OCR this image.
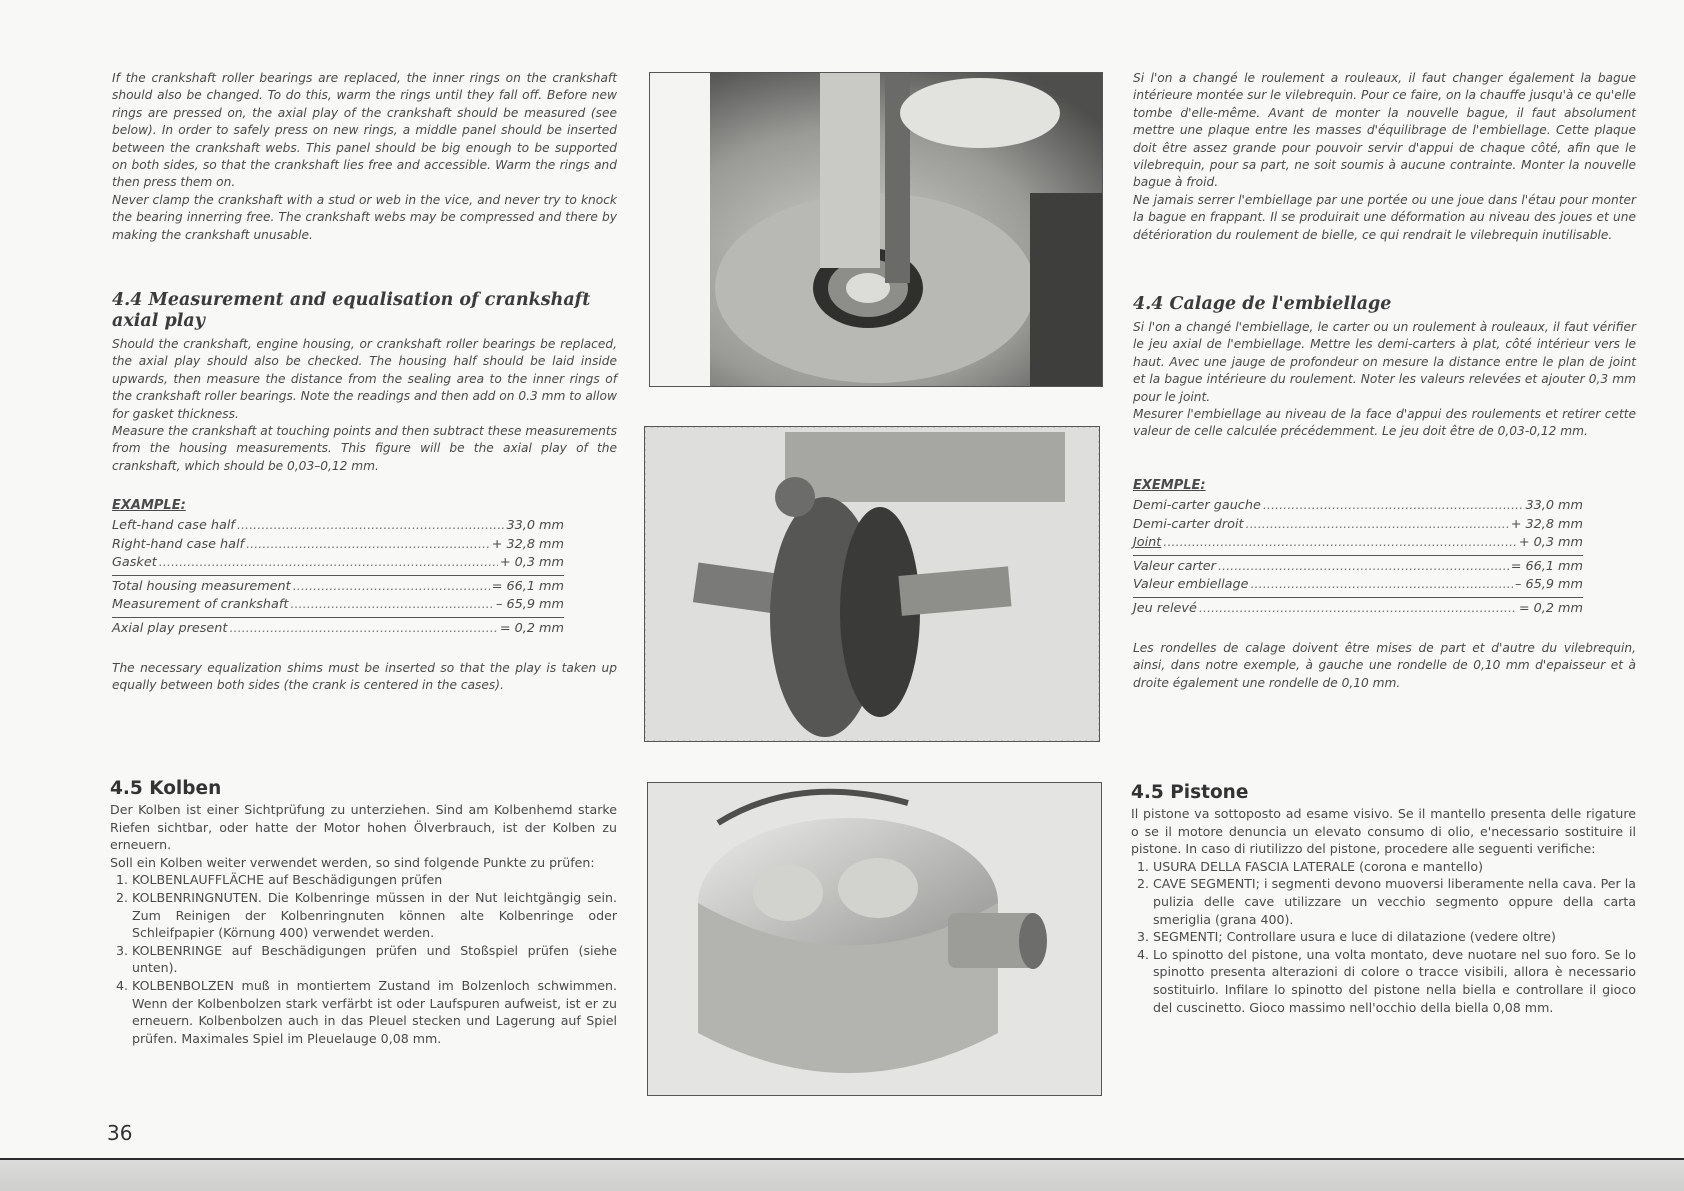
If the crankshaft roller bearings are replaced, the inner rings on the crankshaft should also be changed. To do this, warm the rings until they fall off. Before new rings are pressed on, the axial play of the crankshaft should be measured (see below). In order to safely press on new rings, a middle panel should be inserted between the crankshaft webs. This panel should be big enough to be supported on both sides, so that the crankshaft lies free and accessible. Warm the rings and then press them on.

Never clamp the crankshaft with a stud or web in the vice, and never try to knock the bearing innerring free. The crankshaft webs may be compressed and there by making the crankshaft unusable.

4.4 Measurement and equalisation of crankshaft axial play

Should the crankshaft, engine housing, or crankshaft roller bearings be replaced, the axial play should also be checked. The housing half should be laid inside upwards, then measure the distance from the sealing area to the inner rings of the crankshaft roller bearings. Note the readings and then add on 0.3 mm to allow for gasket thickness.

Measure the crankshaft at touching points and then subtract these measurements from the housing measurements. This figure will be the axial play of the crankshaft, which should be 0,03–0,12 mm.

EXAMPLE:
Left-hand case half .....	33,0 mm
Right-hand case half .....	+ 32,8 mm
Gasket .....	+ 0,3 mm
Total housing measurement .....	= 66,1 mm
Measurement of crankshaft .....	– 65,9 mm
Axial play present .....	= 0,2 mm

The necessary equalization shims must be inserted so that the play is taken up equally between both sides (the crank is centered in the cases).

Si l'on a changé le roulement a rouleaux, il faut changer également la bague intérieure montée sur le vilebrequin. Pour ce faire, on la chauffe jusqu'à ce qu'elle tombe d'elle-même. Avant de monter la nouvelle bague, il faut absolument mettre une plaque entre les masses d'équilibrage de l'embiellage. Cette plaque doit être assez grande pour pouvoir servir d'appui de chaque côté, afin que le vilebrequin, pour sa part, ne soit soumis à aucune contrainte. Monter la nouvelle bague à froid.

Ne jamais serrer l'embiellage par une portée ou une joue dans l'étau pour monter la bague en frappant. Il se produirait une déformation au niveau des joues et une détérioration du roulement de bielle, ce qui rendrait le vilebrequin inutilisable.

4.4 Calage de l'embiellage

Si l'on a changé l'embiellage, le carter ou un roulement à rouleaux, il faut vérifier le jeu axial de l'embiellage. Mettre les demi-carters à plat, côté intérieur vers le haut. Avec une jauge de profondeur on mesure la distance entre le plan de joint et la bague intérieure du roulement. Noter les valeurs relevées et ajouter 0,3 mm pour le joint.

Mesurer l'embiellage au niveau de la face d'appui des roulements et retirer cette valeur de celle calculée précédemment. Le jeu doit être de 0,03-0,12 mm.

EXEMPLE:
Demi-carter gauche .....	33,0 mm
Demi-carter droit .....	+ 32,8 mm
Joint .....	+ 0,3 mm
Valeur carter .....	= 66,1 mm
Valeur embiellage .....	– 65,9 mm
Jeu relevé .....	= 0,2 mm

Les rondelles de calage doivent être mises de part et d'autre du vilebrequin, ainsi, dans notre exemple, à gauche une rondelle de 0,10 mm d'epaisseur et à droite également une rondelle de 0,10 mm.

4.5 Kolben

Der Kolben ist einer Sichtprüfung zu unterziehen. Sind am Kolbenhemd starke Riefen sichtbar, oder hatte der Motor hohen Ölverbrauch, ist der Kolben zu erneuern.

Soll ein Kolben weiter verwendet werden, so sind folgende Punkte zu prüfen:

1. KOLBENLAUFFLÄCHE auf Beschädigungen prüfen
2. KOLBENRINGNUTEN. Die Kolbenringe müssen in der Nut leichtgängig sein. Zum Reinigen der Kolbenringnuten können alte Kolbenringe oder Schleifpapier (Körnung 400) verwendet werden.
3. KOLBENRINGE auf Beschädigungen prüfen und Stoßspiel prüfen (siehe unten).
4. KOLBENBOLZEN muß in montiertem Zustand im Bolzenloch schwimmen. Wenn der Kolbenbolzen stark verfärbt ist oder Laufspuren aufweist, ist er zu erneuern. Kolbenbolzen auch in das Pleuel stecken und Lagerung auf Spiel prüfen. Maximales Spiel im Pleuelauge 0,08 mm.
4.5 Pistone

Il pistone va sottoposto ad esame visivo. Se il mantello presenta delle rigature o se il motore denuncia un elevato consumo di olio, e'necessario sostituire il pistone. In caso di riutilizzo del pistone, procedere alle seguenti verifiche:

1. USURA DELLA FASCIA LATERALE (corona e mantello)
2. CAVE SEGMENTI; i segmenti devono muoversi liberamente nella cava. Per la pulizia delle cave utilizzare un vecchio segmento oppure della carta smeriglia (grana 400).
3. SEGMENTI; Controllare usura e luce di dilatazione (vedere oltre)
4. Lo spinotto del pistone, una volta montato, deve nuotare nel suo foro. Se lo spinotto presenta alterazioni di colore o tracce visibili, allora è necessario sostituirlo. Infilare lo spinotto del pistone nella biella e controllare il gioco del cuscinetto. Gioco massimo nell'occhio della biella 0,08 mm.
36
